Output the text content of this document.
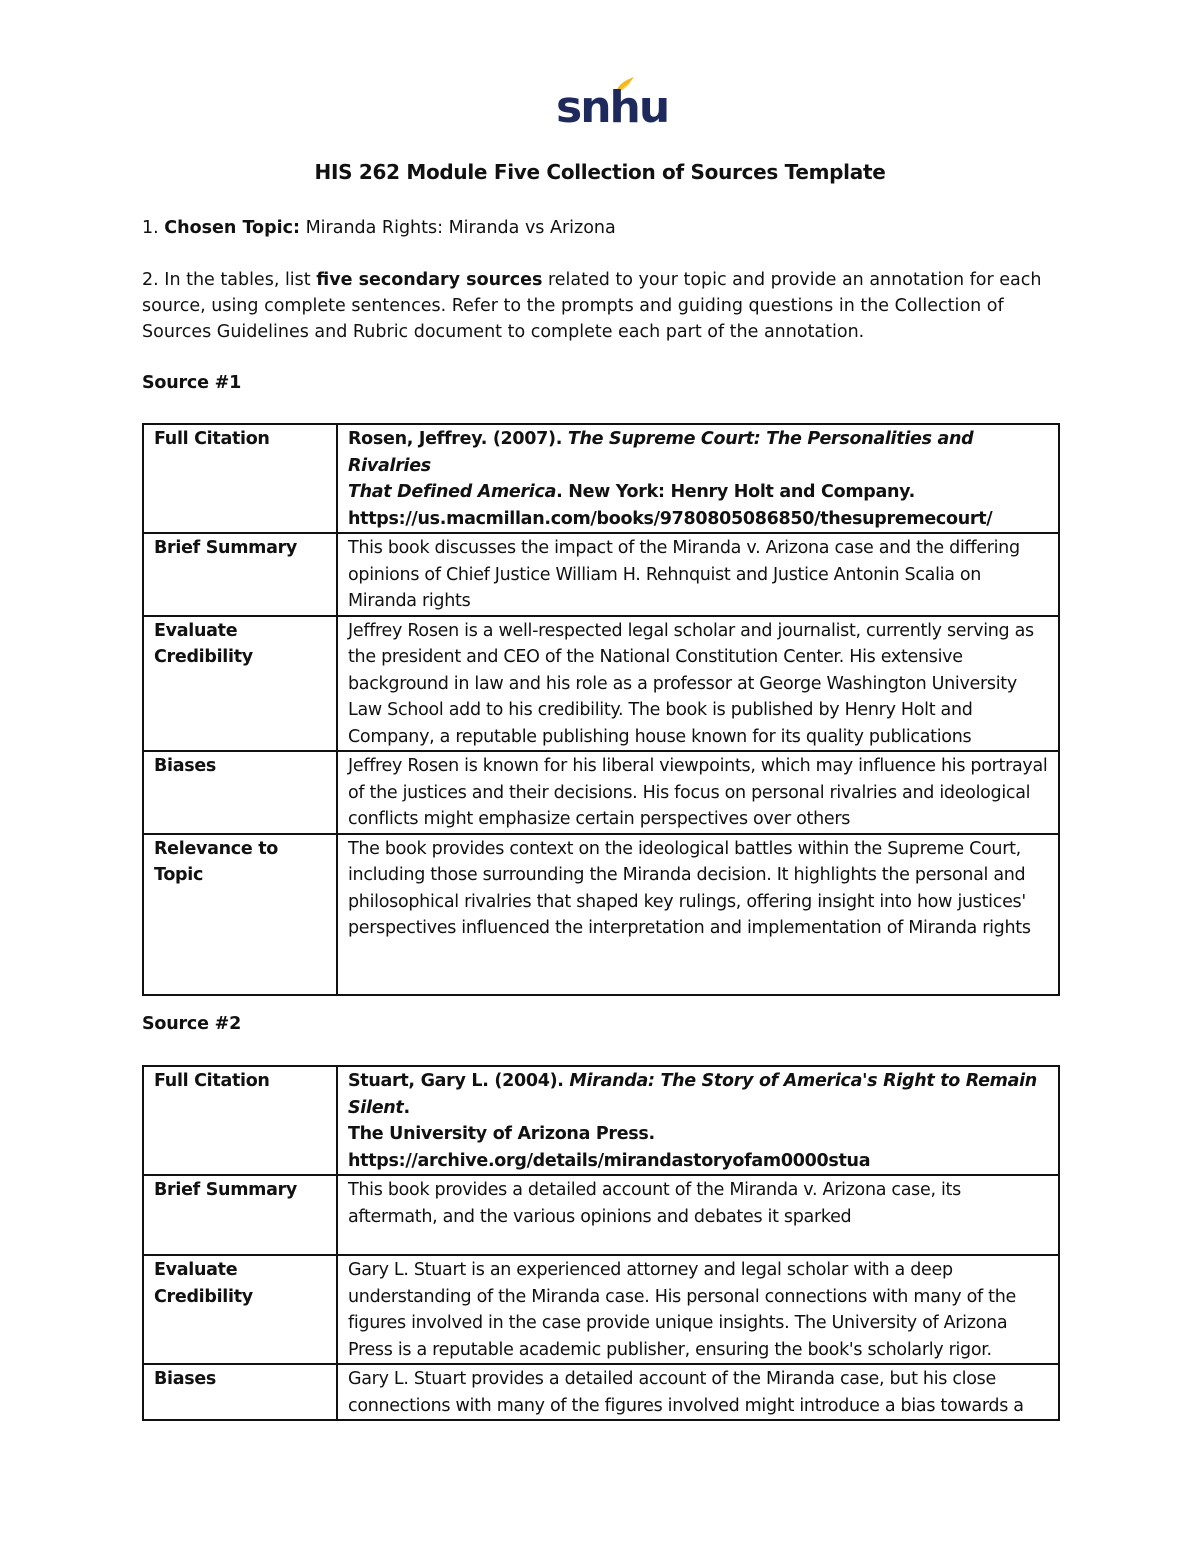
snhu
HIS 262 Module Five Collection of Sources Template
1. Chosen Topic: Miranda Rights: Miranda vs Arizona
2. In the tables, list five secondary sources related to your topic and provide an annotation for each
source, using complete sentences. Refer to the prompts and guiding questions in the Collection of
Sources Guidelines and Rubric document to complete each part of the annotation.
Source #1
Full Citation	Rosen, Jeffrey. (2007). The Supreme Court: The Personalities and Rivalries
That Defined America. New York: Henry Holt and Company.
https://us.macmillan.com/books/9780805086850/thesupremecourt/
Brief Summary	This book discusses the impact of the Miranda v. Arizona case and the differing opinions of Chief Justice William H. Rehnquist and Justice Antonin Scalia on Miranda rights

Evaluate
Credibility	Jeffrey Rosen is a well-respected legal scholar and journalist, currently serving as the president and CEO of the National Constitution Center. His extensive background in law and his role as a professor at George Washington University Law School add to his credibility. The book is published by Henry Holt and Company, a reputable publishing house known for its quality publications
Biases	Jeffrey Rosen is known for his liberal viewpoints, which may influence his portrayal of the justices and their decisions. His focus on personal rivalries and ideological conflicts might emphasize certain perspectives over others
Relevance to Topic	The book provides context on the ideological battles within the Supreme Court, including those surrounding the Miranda decision. It highlights the personal and philosophical rivalries that shaped key rulings, offering insight into how justices' perspectives influenced the interpretation and implementation of Miranda rights
Source #2
Full Citation	Stuart, Gary L. (2004). Miranda: The Story of America's Right to Remain Silent.
The University of Arizona Press.
https://archive.org/details/mirandastoryofam0000stua
Brief Summary	This book provides a detailed account of the Miranda v. Arizona case, its aftermath, and the various opinions and debates it sparked

Evaluate
Credibility	Gary L. Stuart is an experienced attorney and legal scholar with a deep understanding of the Miranda case. His personal connections with many of the figures involved in the case provide unique insights. The University of Arizona Press is a reputable academic publisher, ensuring the book's scholarly rigor.
Biases	Gary L. Stuart provides a detailed account of the Miranda case, but his close connections with many of the figures involved might introduce a bias towards a
